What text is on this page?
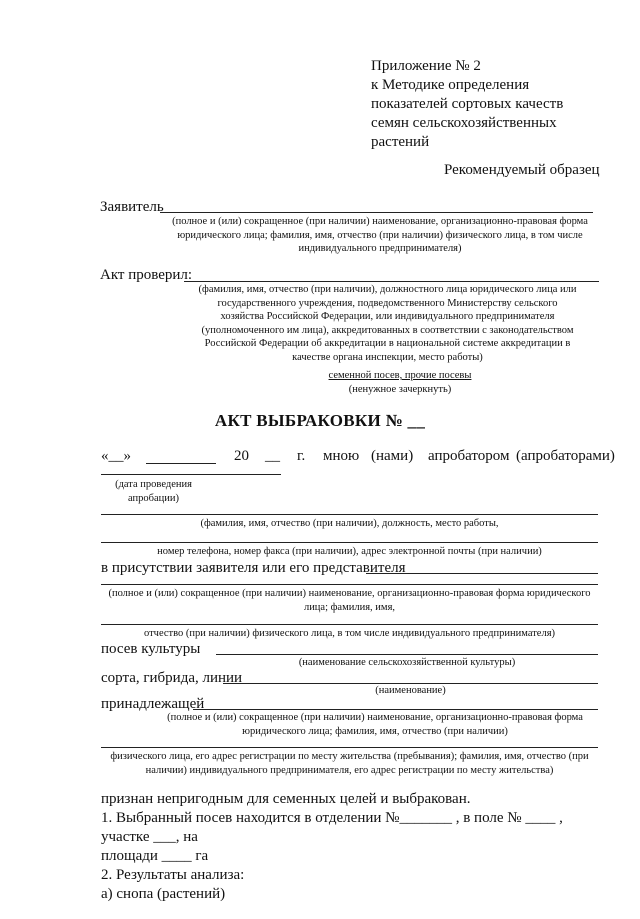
Приложение № 2
к Методике определения
показателей сортовых качеств
семян сельскохозяйственных
растений
Рекомендуемый образец
Заявитель
(полное и (или) сокращенное (при наличии) наименование, организационно-правовая форма
юридического лица; фамилия, имя, отчество (при наличии) физического лица, в том числе
индивидуального предпринимателя)
Акт проверил:
(фамилия, имя, отчество (при наличии), должностного лица юридического лица или
государственного учреждения, подведомственного Министерству сельского
хозяйства Российской Федерации, или индивидуального предпринимателя
(уполномоченного им лица), аккредитованных в соответствии с законодательством
Российской Федерации об аккредитации в национальной системе аккредитации в
качестве органа инспекции, место работы)
семенной посев, прочие посевы
(ненужное зачеркнуть)
АКТ ВЫБРАКОВКИ № __
«__»	20 __ г. мною (нами) апробатором (апробаторами)
(дата проведения
апробации)
(фамилия, имя, отчество (при наличии), должность, место работы,
номер телефона, номер факса (при наличии), адрес электронной почты (при наличии)
в присутствии заявителя или его представителя
(полное и (или) сокращенное (при наличии) наименование, организационно-правовая форма юридического
лица; фамилия, имя,
отчество (при наличии) физического лица, в том числе индивидуального предпринимателя)
посев культуры
(наименование сельскохозяйственной культуры)
сорта, гибрида, линии
(наименование)
принадлежащей
(полное и (или) сокращенное (при наличии) наименование, организационно-правовая форма
юридического лица; фамилия, имя, отчество (при наличии)
физического лица, его адрес регистрации по месту жительства (пребывания); фамилия, имя, отчество (при
наличии) индивидуального предпринимателя, его адрес регистрации по месту жительства)
признан непригодным для семенных целей и выбракован.
1. Выбранный посев находится в отделении №_______ , в поле № ____ , участке ___, на
площади ____ га
2. Результаты анализа:
а) снопа (растений)
